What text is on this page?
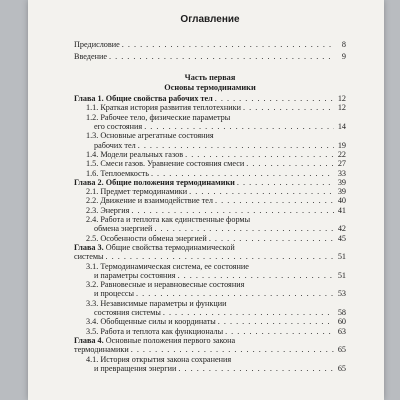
Оглавление
Предисловие . . .	8
Введение . . .	9
Часть первая
Основы термодинамики
Глава 1. Общие свойства рабочих тел . . .	12
1.1. Краткая история развития теплотехники . . .	12
1.2. Рабочее тело, физические параметры
его состояния . . .	14
1.3. Основные агрегатные состояния
рабочих тел . . .	19
1.4. Модели реальных газов . . .	22
1.5. Смеси газов. Уравнение состояния смеси . . .	27
1.6. Теплоемкость . . .	33
Глава 2. Общие положения термодинамики . . .	39
2.1. Предмет термодинамики . . .	39
2.2. Движение и взаимодействие тел . . .	40
2.3. Энергия . . .	41
2.4. Работа и теплота как единственные формы
обмена энергией . . .	42
2.5. Особенности обмена энергией . . .	45
Глава 3. Общие свойства термодинамической
системы . . .	51
3.1. Термодинамическая система, ее состояние
и параметры состояния . . .	51
3.2. Равновесные и неравновесные состояния
и процессы . . .	53
3.3. Независимые параметры и функции
состояния системы . . .	58
3.4. Обобщенные силы и координаты . . .	60
3.5. Работа и теплота как функционалы . . .	63
Глава 4. Основные положения первого закона
термодинамики . . .	65
4.1. История открытия закона сохранения
и превращения энергии . . .	65
